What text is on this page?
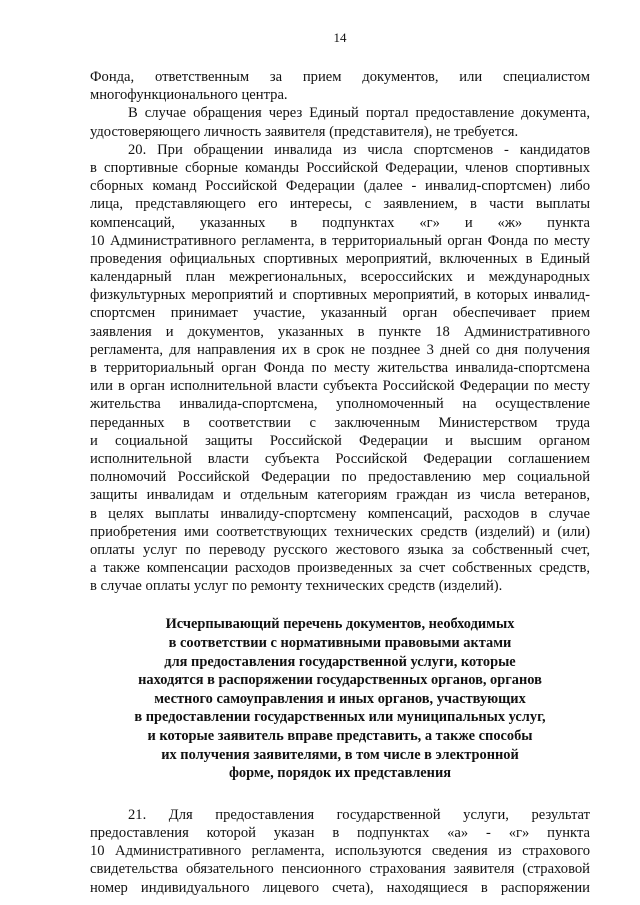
14
Фонда, ответственным за прием документов, или специалистом
многофункционального центра.
В случае обращения через Единый портал предоставление документа,
удостоверяющего личность заявителя (представителя), не требуется.
20. При обращении инвалида из числа спортсменов - кандидатов
в спортивные сборные команды Российской Федерации, членов спортивных
сборных команд Российской Федерации (далее - инвалид-спортсмен) либо
лица, представляющего его интересы, с заявлением, в части выплаты
компенсаций, указанных в подпунктах «г» и «ж» пункта
10 Административного регламента, в территориальный орган Фонда по месту
проведения официальных спортивных мероприятий, включенных в Единый
календарный план межрегиональных, всероссийских и международных
физкультурных мероприятий и спортивных мероприятий, в которых инвалид-
спортсмен принимает участие, указанный орган обеспечивает прием
заявления и документов, указанных в пункте 18 Административного
регламента, для направления их в срок не позднее 3 дней со дня получения
в территориальный орган Фонда по месту жительства инвалида-спортсмена
или в орган исполнительной власти субъекта Российской Федерации по месту
жительства инвалида-спортсмена, уполномоченный на осуществление
переданных в соответствии с заключенным Министерством труда
и социальной защиты Российской Федерации и высшим органом
исполнительной власти субъекта Российской Федерации соглашением
полномочий Российской Федерации по предоставлению мер социальной
защиты инвалидам и отдельным категориям граждан из числа ветеранов,
в целях выплаты инвалиду-спортсмену компенсаций, расходов в случае
приобретения ими соответствующих технических средств (изделий) и (или)
оплаты услуг по переводу русского жестового языка за собственный счет,
а также компенсации расходов произведенных за счет собственных средств,
в случае оплаты услуг по ремонту технических средств (изделий).
Исчерпывающий перечень документов, необходимых
в соответствии с нормативными правовыми актами
для предоставления государственной услуги, которые
находятся в распоряжении государственных органов, органов
местного самоуправления и иных органов, участвующих
в предоставлении государственных или муниципальных услуг,
и которые заявитель вправе представить, а также способы
их получения заявителями, в том числе в электронной
форме, порядок их представления
21. Для предоставления государственной услуги, результат
предоставления которой указан в подпунктах «а» - «г» пункта
10 Административного регламента, используются сведения из страхового
свидетельства обязательного пенсионного страхования заявителя (страховой
номер индивидуального лицевого счета), находящиеся в распоряжении
